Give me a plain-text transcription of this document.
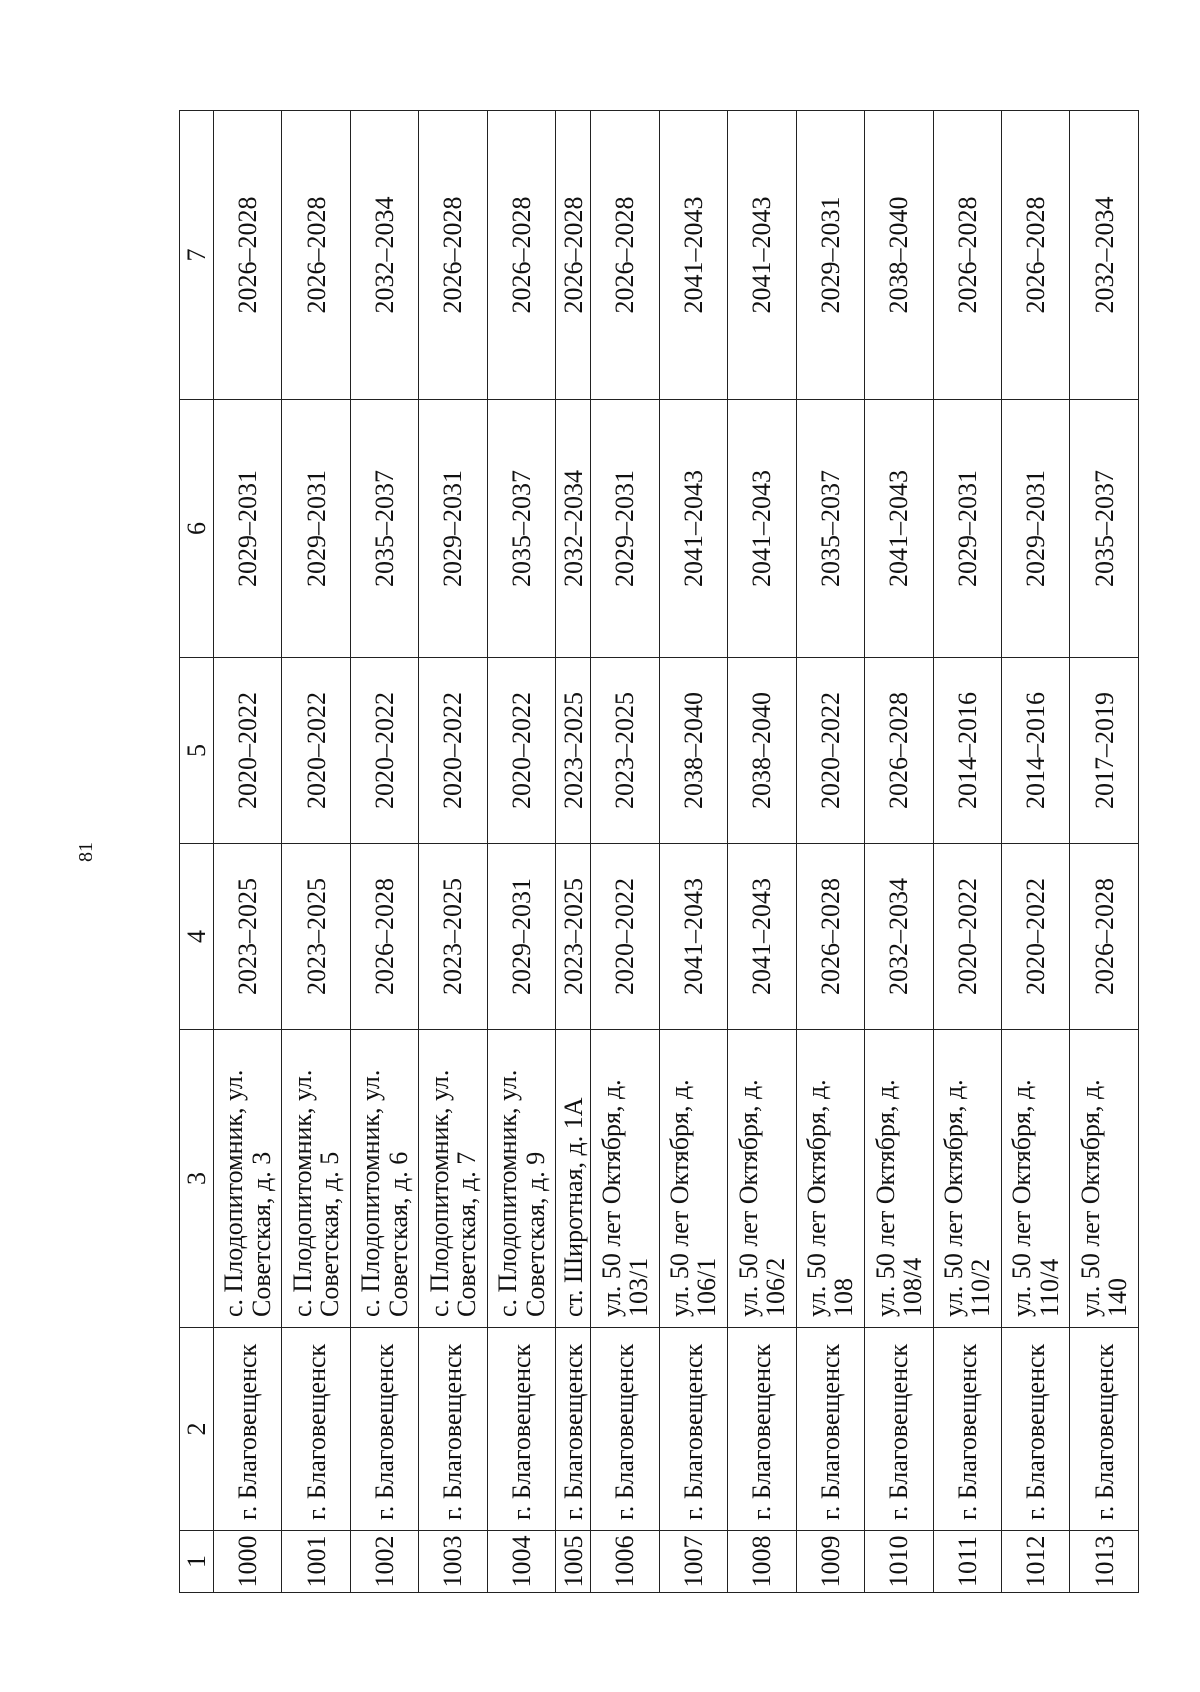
81
1	2	3	4	5	6	7
1000	г. Благовещенск	с. Плодопитомник, ул. Советская, д. 3	2023–2025	2020–2022	2029–2031	2026–2028
1001	г. Благовещенск	с. Плодопитомник, ул. Советская, д. 5	2023–2025	2020–2022	2029–2031	2026–2028
1002	г. Благовещенск	с. Плодопитомник, ул. Советская, д. 6	2026–2028	2020–2022	2035–2037	2032–2034
1003	г. Благовещенск	с. Плодопитомник, ул. Советская, д. 7	2023–2025	2020–2022	2029–2031	2026–2028
1004	г. Благовещенск	с. Плодопитомник, ул. Советская, д. 9	2029–2031	2020–2022	2035–2037	2026–2028
1005	г. Благовещенск	ст. Широтная, д. 1А	2023–2025	2023–2025	2032–2034	2026–2028
1006	г. Благовещенск	ул. 50 лет Октября, д. 103/1	2020–2022	2023–2025	2029–2031	2026–2028
1007	г. Благовещенск	ул. 50 лет Октября, д. 106/1	2041–2043	2038–2040	2041–2043	2041–2043
1008	г. Благовещенск	ул. 50 лет Октября, д. 106/2	2041–2043	2038–2040	2041–2043	2041–2043
1009	г. Благовещенск	ул. 50 лет Октября, д. 108	2026–2028	2020–2022	2035–2037	2029–2031
1010	г. Благовещенск	ул. 50 лет Октября, д. 108/4	2032–2034	2026–2028	2041–2043	2038–2040
1011	г. Благовещенск	ул. 50 лет Октября, д. 110/2	2020–2022	2014–2016	2029–2031	2026–2028
1012	г. Благовещенск	ул. 50 лет Октября, д. 110/4	2020–2022	2014–2016	2029–2031	2026–2028
1013	г. Благовещенск	ул. 50 лет Октября, д. 140	2026–2028	2017–2019	2035–2037	2032–2034
